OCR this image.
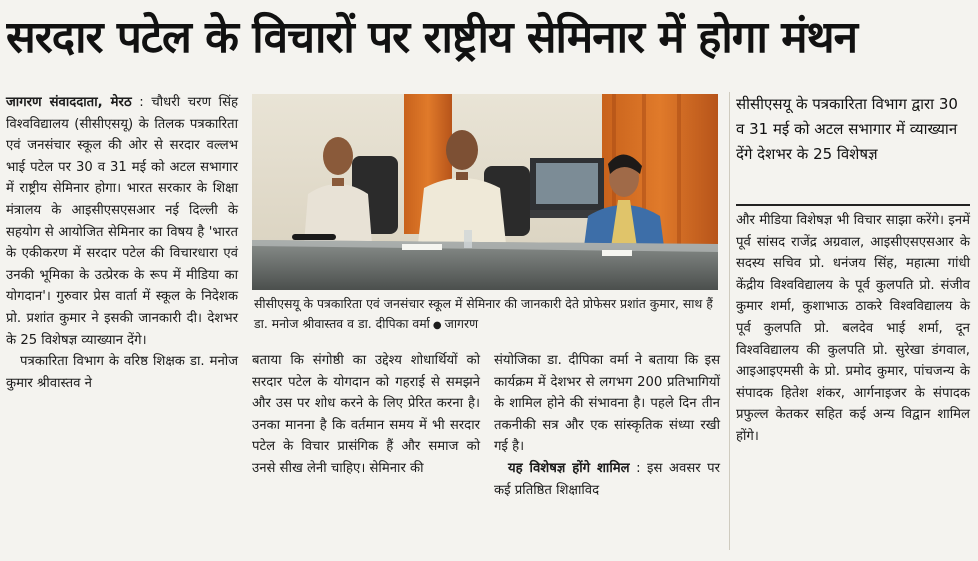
सरदार पटेल के विचारों पर राष्ट्रीय सेमिनार में होगा मंथन

जागरण संवाददाता, मेरठ : चौधरी चरण सिंह विश्वविद्यालय (सीसीएसयू) के तिलक पत्रकारिता एवं जनसंचार स्कूल की ओर से सरदार वल्लभ भाई पटेल पर 30 व 31 मई को अटल सभागार में राष्ट्रीय सेमिनार होगा। भारत सरकार के शिक्षा मंत्रालय के आइसीएसएसआर नई दिल्ली के सहयोग से आयोजित सेमिनार का विषय है 'भारत के एकीकरण में सरदार पटेल की विचारधारा एवं उनकी भूमिका के उत्प्रेरक के रूप में मीडिया का योगदान'। गुरुवार प्रेस वार्ता में स्कूल के निदेशक प्रो. प्रशांत कुमार ने इसकी जानकारी दी। देशभर के 25 विशेषज्ञ व्याख्यान देंगे।

पत्रकारिता विभाग के वरिष्ठ शिक्षक डा. मनोज कुमार श्रीवास्तव ने

सीसीएसयू के पत्रकारिता एवं जनसंचार स्कूल में सेमिनार की जानकारी देते प्रोफेसर प्रशांत कुमार, साथ हैं डा. मनोज श्रीवास्तव व डा. दीपिका वर्मा ● जागरण

बताया कि संगोष्ठी का उद्देश्य शोधार्थियों को सरदार पटेल के योगदान को गहराई से समझने और उस पर शोध करने के लिए प्रेरित करना है। उनका मानना है कि वर्तमान समय में भी सरदार पटेल के विचार प्रासंगिक हैं और समाज को उनसे सीख लेनी चाहिए। सेमिनार की

संयोजिका डा. दीपिका वर्मा ने बताया कि इस कार्यक्रम में देशभर से लगभग 200 प्रतिभागियों के शामिल होने की संभावना है। पहले दिन तीन तकनीकी सत्र और एक सांस्कृतिक संध्या रखी गई है।

यह विशेषज्ञ होंगे शामिल : इस अवसर पर कई प्रतिष्ठित शिक्षाविद

सीसीएसयू के पत्रकारिता विभाग द्वारा 30 व 31 मई को अटल सभागार में व्याख्यान देंगे देशभर के 25 विशेषज्ञ

और मीडिया विशेषज्ञ भी विचार साझा करेंगे। इनमें पूर्व सांसद राजेंद्र अग्रवाल, आइसीएसएसआर के सदस्य सचिव प्रो. धनंजय सिंह, महात्मा गांधी केंद्रीय विश्वविद्यालय के पूर्व कुलपति प्रो. संजीव कुमार शर्मा, कुशाभाऊ ठाकरे विश्वविद्यालय के पूर्व कुलपति प्रो. बलदेव भाई शर्मा, दून विश्वविद्यालय की कुलपति प्रो. सुरेखा डंगवाल, आइआइएमसी के प्रो. प्रमोद कुमार, पांचजन्य के संपादक हितेश शंकर, आर्गनाइजर के संपादक प्रफुल्ल केतकर सहित कई अन्य विद्वान शामिल होंगे।
